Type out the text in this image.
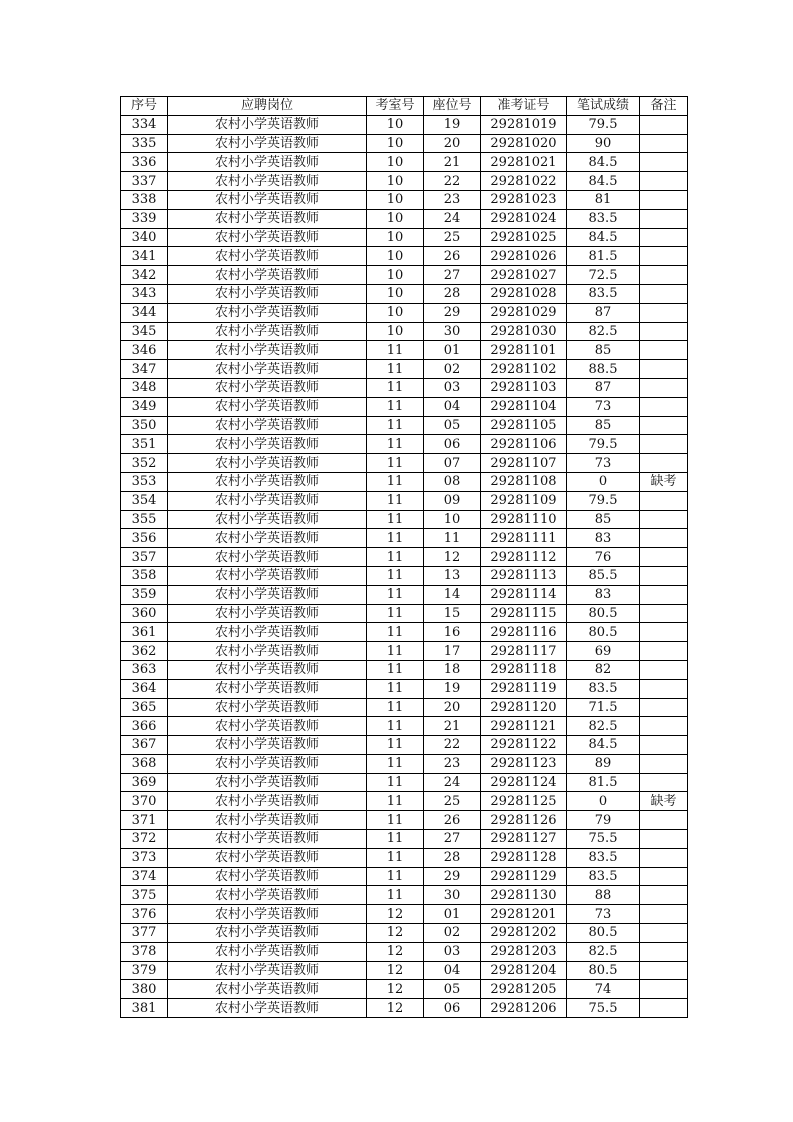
序号	应聘岗位	考室号	座位号	准考证号	笔试成绩	备注
334	农村小学英语教师	10	19	29281019	79.5	
335	农村小学英语教师	10	20	29281020	90	
336	农村小学英语教师	10	21	29281021	84.5	
337	农村小学英语教师	10	22	29281022	84.5	
338	农村小学英语教师	10	23	29281023	81	
339	农村小学英语教师	10	24	29281024	83.5	
340	农村小学英语教师	10	25	29281025	84.5	
341	农村小学英语教师	10	26	29281026	81.5	
342	农村小学英语教师	10	27	29281027	72.5	
343	农村小学英语教师	10	28	29281028	83.5	
344	农村小学英语教师	10	29	29281029	87	
345	农村小学英语教师	10	30	29281030	82.5	
346	农村小学英语教师	11	01	29281101	85	
347	农村小学英语教师	11	02	29281102	88.5	
348	农村小学英语教师	11	03	29281103	87	
349	农村小学英语教师	11	04	29281104	73	
350	农村小学英语教师	11	05	29281105	85	
351	农村小学英语教师	11	06	29281106	79.5	
352	农村小学英语教师	11	07	29281107	73	
353	农村小学英语教师	11	08	29281108	0	缺考
354	农村小学英语教师	11	09	29281109	79.5	
355	农村小学英语教师	11	10	29281110	85	
356	农村小学英语教师	11	11	29281111	83	
357	农村小学英语教师	11	12	29281112	76	
358	农村小学英语教师	11	13	29281113	85.5	
359	农村小学英语教师	11	14	29281114	83	
360	农村小学英语教师	11	15	29281115	80.5	
361	农村小学英语教师	11	16	29281116	80.5	
362	农村小学英语教师	11	17	29281117	69	
363	农村小学英语教师	11	18	29281118	82	
364	农村小学英语教师	11	19	29281119	83.5	
365	农村小学英语教师	11	20	29281120	71.5	
366	农村小学英语教师	11	21	29281121	82.5	
367	农村小学英语教师	11	22	29281122	84.5	
368	农村小学英语教师	11	23	29281123	89	
369	农村小学英语教师	11	24	29281124	81.5	
370	农村小学英语教师	11	25	29281125	0	缺考
371	农村小学英语教师	11	26	29281126	79	
372	农村小学英语教师	11	27	29281127	75.5	
373	农村小学英语教师	11	28	29281128	83.5	
374	农村小学英语教师	11	29	29281129	83.5	
375	农村小学英语教师	11	30	29281130	88	
376	农村小学英语教师	12	01	29281201	73	
377	农村小学英语教师	12	02	29281202	80.5	
378	农村小学英语教师	12	03	29281203	82.5	
379	农村小学英语教师	12	04	29281204	80.5	
380	农村小学英语教师	12	05	29281205	74	
381	农村小学英语教师	12	06	29281206	75.5	
